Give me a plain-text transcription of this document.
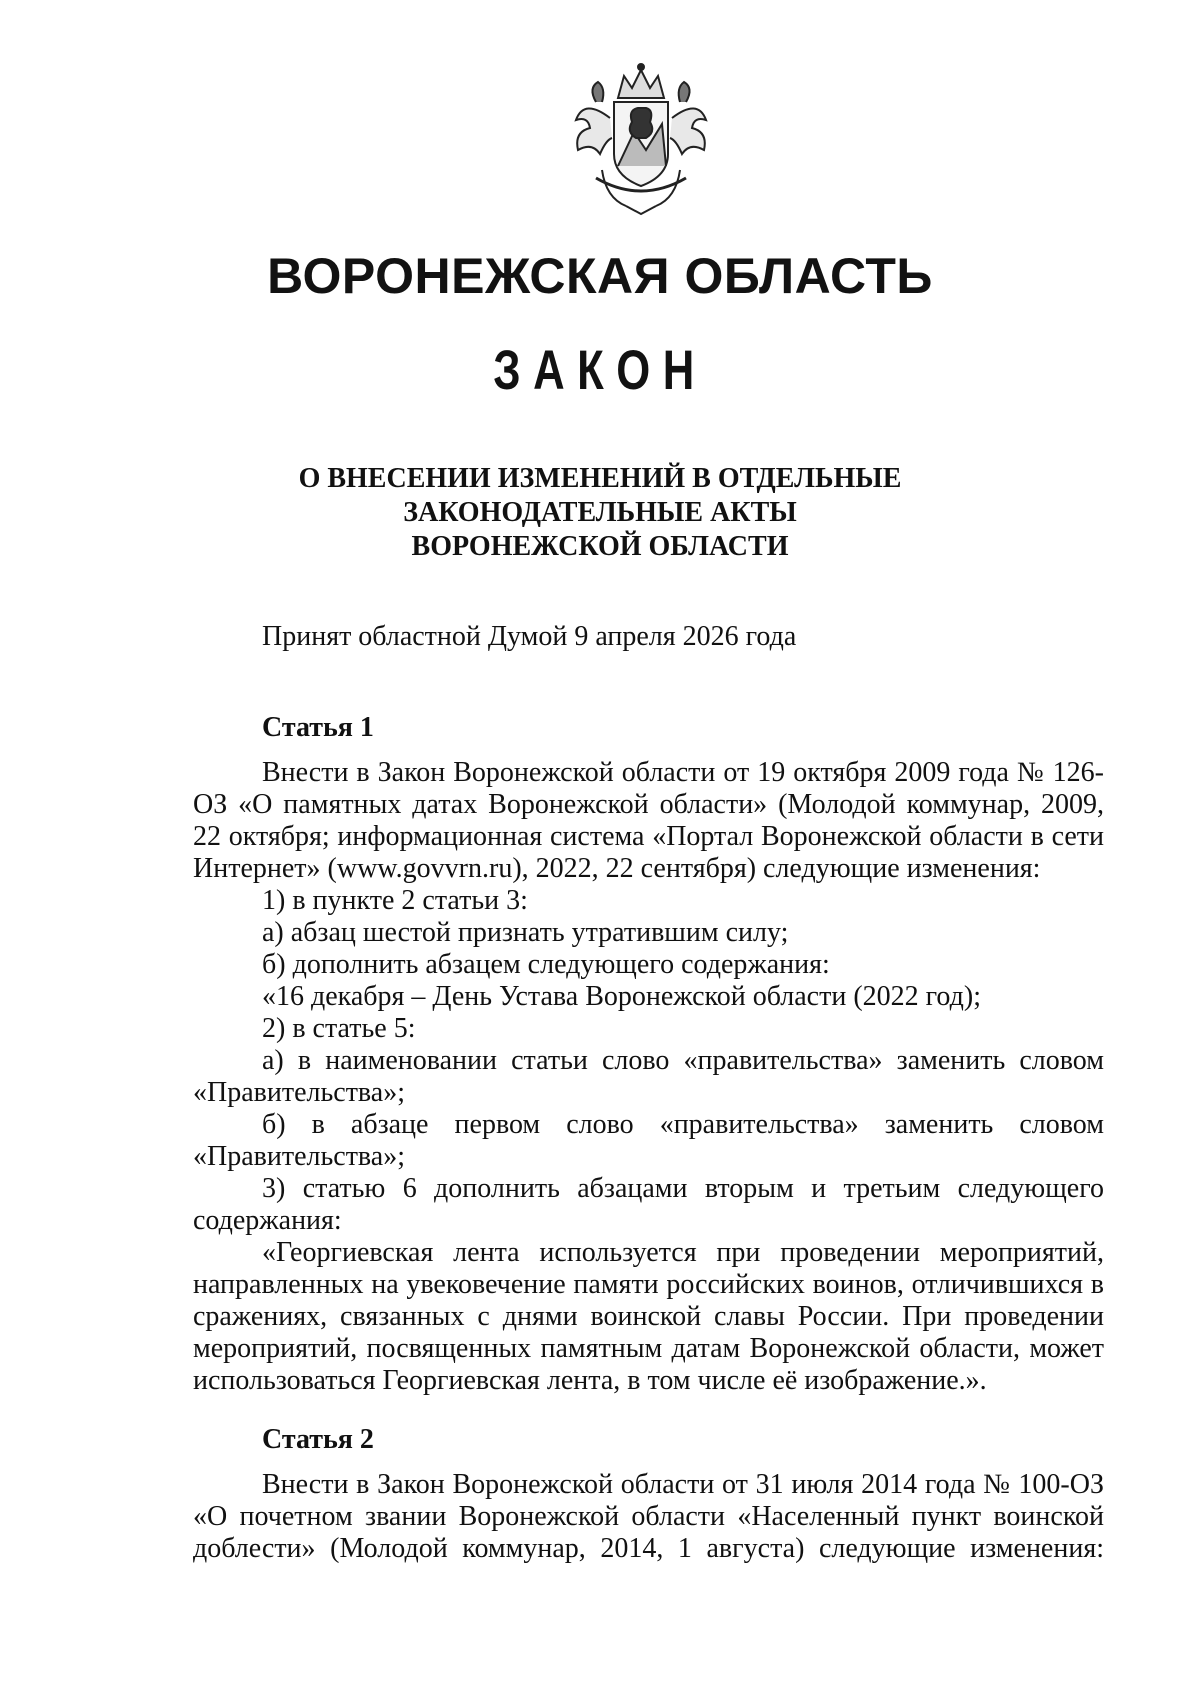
ВОРОНЕЖСКАЯ ОБЛАСТЬ
ЗАКОН
О ВНЕСЕНИИ ИЗМЕНЕНИЙ В ОТДЕЛЬНЫЕ
ЗАКОНОДАТЕЛЬНЫЕ АКТЫ
ВОРОНЕЖСКОЙ ОБЛАСТИ
Принят областной Думой 9 апреля 2026 года
Статья 1

Внести в Закон Воронежской области от 19 октября 2009 года № 126-ОЗ «О памятных датах Воронежской области» (Молодой коммунар, 2009, 22 октября; информационная система «Портал Воронежской области в сети Интернет» (www.govvrn.ru), 2022, 22 сентября) следующие изменения:

1) в пункте 2 статьи 3:

а) абзац шестой признать утратившим силу;

б) дополнить абзацем следующего содержания:

«16 декабря – День Устава Воронежской области (2022 год);

2) в статье 5:

а) в наименовании статьи слово «правительства» заменить словом «Правительства»;

б) в абзаце первом слово «правительства» заменить словом «Правительства»;

3) статью 6 дополнить абзацами вторым и третьим следующего содержания:

«Георгиевская лента используется при проведении мероприятий, направленных на увековечение памяти российских воинов, отличившихся в сражениях, связанных с днями воинской славы России. При проведении мероприятий, посвященных памятным датам Воронежской области, может использоваться Георгиевская лента, в том числе её изображение.».

Статья 2

Внести в Закон Воронежской области от 31 июля 2014 года № 100-ОЗ «О почетном звании Воронежской области «Населенный пункт воинской доблести» (Молодой коммунар, 2014, 1 августа) следующие изменения:
